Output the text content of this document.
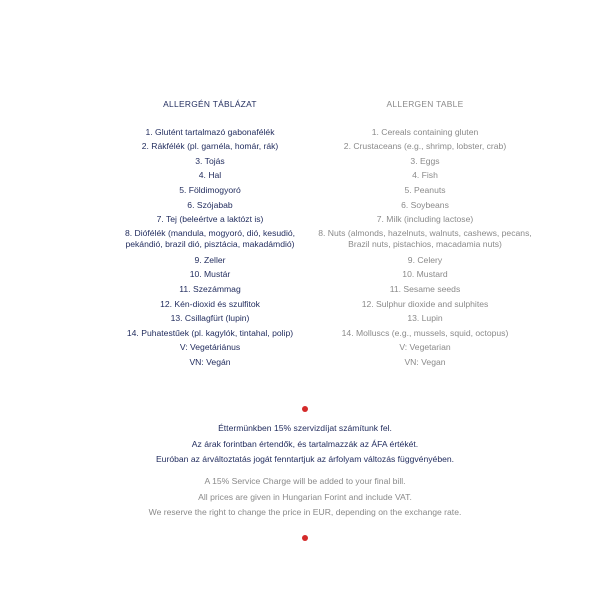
ALLERGÉN TÁBLÁZAT
1. Glutént tartalmazó gabonafélék
2. Rákfélék (pl. garnéla, homár, rák)
3. Tojás
4. Hal
5. Földimogyoró
6. Szójabab
7. Tej (beleértve a laktózt is)
8. Diófélék (mandula, mogyoró, dió, kesudió, pekándió, brazil dió, pisztácia, makadámdió)
9. Zeller
10. Mustár
11. Szezámmag
12. Kén-dioxid és szulfitok
13. Csillagfürt (lupin)
14. Puhatestűek (pl. kagylók, tintahal, polip)
V: Vegetáriánus
VN: Vegán
ALLERGEN TABLE
1. Cereals containing gluten
2. Crustaceans (e.g., shrimp, lobster, crab)
3. Eggs
4. Fish
5. Peanuts
6. Soybeans
7. Milk (including lactose)
8. Nuts (almonds, hazelnuts, walnuts, cashews, pecans, Brazil nuts, pistachios, macadamia nuts)
9. Celery
10. Mustard
11. Sesame seeds
12. Sulphur dioxide and sulphites
13. Lupin
14. Molluscs (e.g., mussels, squid, octopus)
V: Vegetarian
VN: Vegan
Éttermünkben 15% szervizdíjat számítunk fel.
Az árak forintban értendők, és tartalmazzák az ÁFA értékét.
Euróban az árváltoztatás jogát fenntartjuk az árfolyam változás függvényében.
A 15% Service Charge will be added to your final bill.
All prices are given in Hungarian Forint and include VAT.
We reserve the right to change the price in EUR, depending on the exchange rate.
